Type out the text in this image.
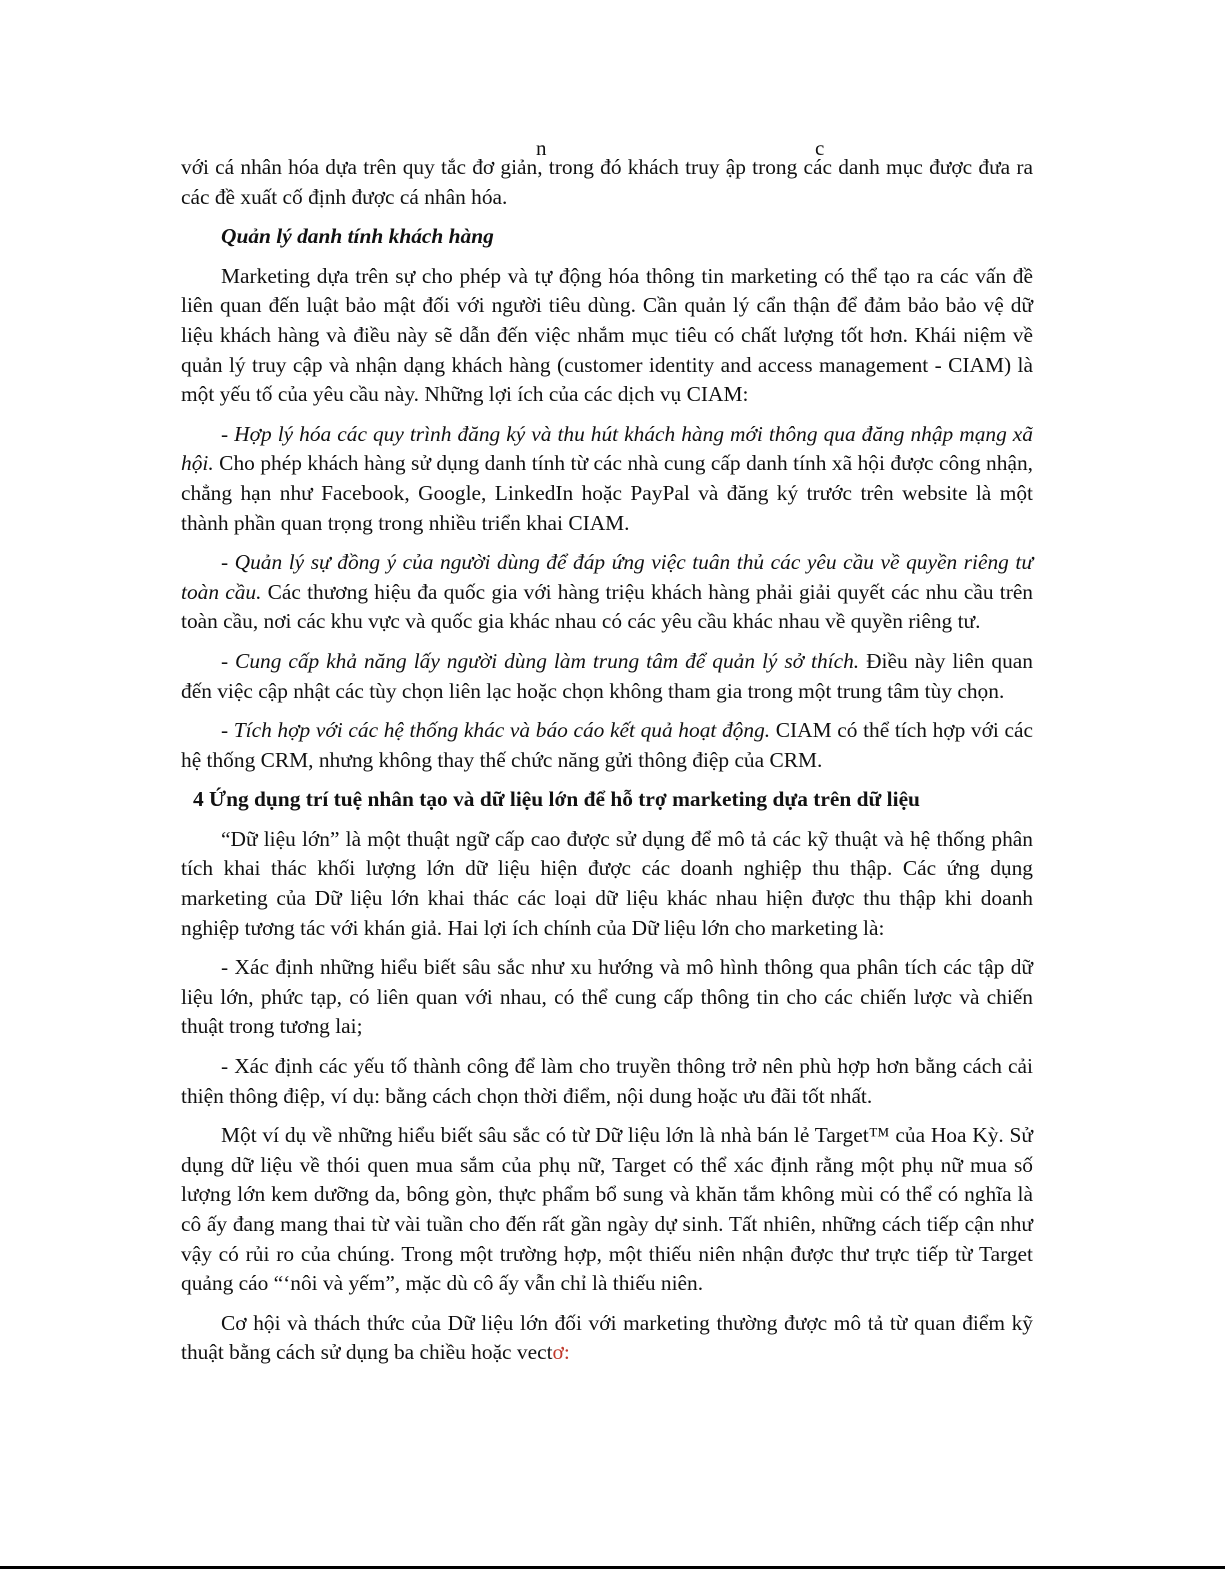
n	c

với cá nhân hóa dựa trên quy tắc đơ giản, trong đó khách truy ập trong các danh mục được đưa ra các đề xuất cố định được cá nhân hóa.

Quản lý danh tính khách hàng

Marketing dựa trên sự cho phép và tự động hóa thông tin marketing có thể tạo ra các vấn đề liên quan đến luật bảo mật đối với người tiêu dùng. Cần quản lý cẩn thận để đảm bảo bảo vệ dữ liệu khách hàng và điều này sẽ dẫn đến việc nhắm mục tiêu có chất lượng tốt hơn. Khái niệm về quản lý truy cập và nhận dạng khách hàng (customer identity and access management - CIAM) là một yếu tố của yêu cầu này. Những lợi ích của các dịch vụ CIAM:

- Hợp lý hóa các quy trình đăng ký và thu hút khách hàng mới thông qua đăng nhập mạng xã hội. Cho phép khách hàng sử dụng danh tính từ các nhà cung cấp danh tính xã hội được công nhận, chẳng hạn như Facebook, Google, LinkedIn hoặc PayPal và đăng ký trước trên website là một thành phần quan trọng trong nhiều triển khai CIAM.

- Quản lý sự đồng ý của người dùng để đáp ứng việc tuân thủ các yêu cầu về quyền riêng tư toàn cầu. Các thương hiệu đa quốc gia với hàng triệu khách hàng phải giải quyết các nhu cầu trên toàn cầu, nơi các khu vực và quốc gia khác nhau có các yêu cầu khác nhau về quyền riêng tư.

- Cung cấp khả năng lấy người dùng làm trung tâm để quản lý sở thích. Điều này liên quan đến việc cập nhật các tùy chọn liên lạc hoặc chọn không tham gia trong một trung tâm tùy chọn.

- Tích hợp với các hệ thống khác và báo cáo kết quả hoạt động. CIAM có thể tích hợp với các hệ thống CRM, nhưng không thay thế chức năng gửi thông điệp của CRM.

4 Ứng dụng trí tuệ nhân tạo và dữ liệu lớn để hỗ trợ marketing dựa trên dữ liệu

“Dữ liệu lớn” là một thuật ngữ cấp cao được sử dụng để mô tả các kỹ thuật và hệ thống phân tích khai thác khối lượng lớn dữ liệu hiện được các doanh nghiệp thu thập. Các ứng dụng marketing của Dữ liệu lớn khai thác các loại dữ liệu khác nhau hiện được thu thập khi doanh nghiệp tương tác với khán giả. Hai lợi ích chính của Dữ liệu lớn cho marketing là:

- Xác định những hiểu biết sâu sắc như xu hướng và mô hình thông qua phân tích các tập dữ liệu lớn, phức tạp, có liên quan với nhau, có thể cung cấp thông tin cho các chiến lược và chiến thuật trong tương lai;

- Xác định các yếu tố thành công để làm cho truyền thông trở nên phù hợp hơn bằng cách cải thiện thông điệp, ví dụ: bằng cách chọn thời điểm, nội dung hoặc ưu đãi tốt nhất.

Một ví dụ về những hiểu biết sâu sắc có từ Dữ liệu lớn là nhà bán lẻ Target™ của Hoa Kỳ. Sử dụng dữ liệu về thói quen mua sắm của phụ nữ, Target có thể xác định rằng một phụ nữ mua số lượng lớn kem dưỡng da, bông gòn, thực phẩm bổ sung và khăn tắm không mùi có thể có nghĩa là cô ấy đang mang thai từ vài tuần cho đến rất gần ngày dự sinh. Tất nhiên, những cách tiếp cận như vậy có rủi ro của chúng. Trong một trường hợp, một thiếu niên nhận được thư trực tiếp từ Target quảng cáo “‘nôi và yếm”, mặc dù cô ấy vẫn chỉ là thiếu niên.

Cơ hội và thách thức của Dữ liệu lớn đối với marketing thường được mô tả từ quan điểm kỹ thuật bằng cách sử dụng ba chiều hoặc vectơ:
